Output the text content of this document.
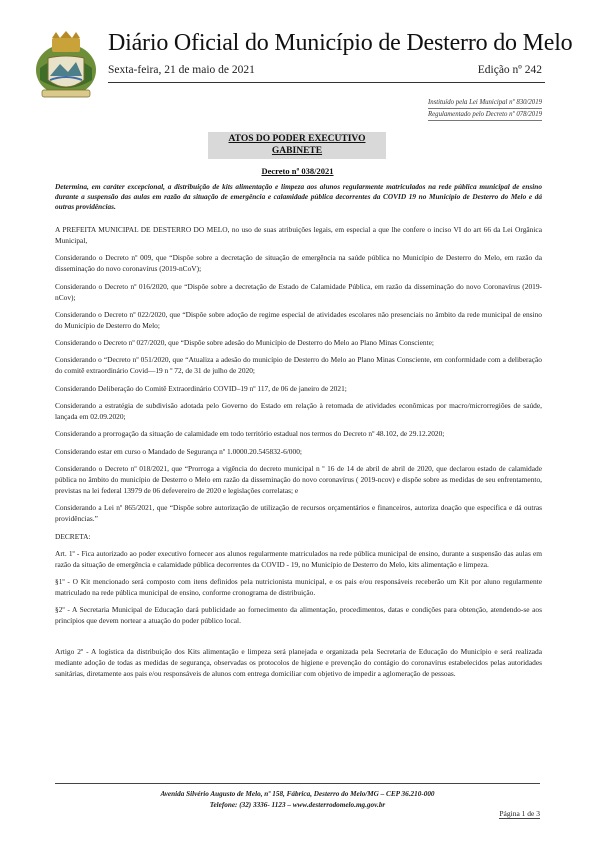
Diário Oficial do Município de Desterro do Melo
Sexta-feira, 21 de maio de 2021	Edição nº 242
Instituído pela Lei Municipal nº 830/2019
Regulamentado pelo Decreto nº 078/2019
ATOS DO PODER EXECUTIVO
GABINETE
Decreto nº 038/2021
Determina, em caráter excepcional, a distribuição de kits alimentação e limpeza aos alunos regularmente matriculados na rede pública municipal de ensino durante a suspensão das aulas em razão da situação de emergência e calamidade pública decorrentes da COVID 19 no Município de Desterro do Melo e dá outras providências.

A PREFEITA MUNICIPAL DE DESTERRO DO MELO, no uso de suas atribuições legais, em especial a que lhe confere o inciso VI do art 66 da Lei Orgânica Municipal,

Considerando o Decreto nº 009, que “Dispõe sobre a decretação de situação de emergência na saúde pública no Município de Desterro do Melo, em razão da disseminação do novo coronavírus (2019-nCoV);

Considerando o Decreto nº 016/2020, que “Dispõe sobre a decretação de Estado de Calamidade Pública, em razão da disseminação do novo Coronavírus (2019- nCov);

Considerando o Decreto nº 022/2020, que “Dispõe sobre adoção de regime especial de atividades escolares não presenciais no âmbito da rede municipal de ensino do Município de Desterro do Melo;

Considerando o Decreto nº 027/2020, que “Dispõe sobre adesão do Município de Desterro do Melo ao Plano Minas Consciente;

Considerando o “Decreto nº 051/2020, que “Atualiza a adesão do município de Desterro do Melo ao Plano Minas Consciente, em conformidade com a deliberação do comitê extraordinário Covid—19 n º 72, de 31 de julho de 2020;

Considerando Deliberação do Comitê Extraordinário COVID–19 nº 117, de 06 de janeiro de 2021;

Considerando a estratégia de subdivisão adotada pelo Governo do Estado em relação à retomada de atividades econômicas por macro/microrregiões de saúde, lançada em 02.09.2020;

Considerando a prorrogação da situação de calamidade em todo território estadual nos termos do Decreto nº 48.102, de 29.12.2020;

Considerando estar em curso o Mandado de Segurança nº 1.0000.20.545832-6/000;

Considerando o Decreto nº 018/2021, que “Prorroga a vigência do decreto municipal n º 16 de 14 de abril de abril de 2020, que declarou estado de calamidade pública no âmbito do município de Desterro o Melo em razão da disseminação do novo coronavírus ( 2019-ncov) e dispõe sobre as medidas de seu enfrentamento, previstas na lei federal 13979 de 06 defevereiro de 2020 e legislações correlatas; e

Considerando a Lei nº 865/2021, que “Dispõe sobre autorização de utilização de recursos orçamentários e financeiros, autoriza doação que especifica e dá outras providências.”

DECRETA:

Art. 1º - Fica autorizado ao poder executivo fornecer aos alunos regularmente matriculados na rede pública municipal de ensino, durante a suspensão das aulas em razão da situação de emergência e calamidade pública decorrentes da COVID - 19, no Município de Desterro do Melo, kits alimentação e limpeza.

§1º - O Kit mencionado será composto com itens definidos pela nutricionista municipal, e os pais e/ou responsáveis receberão um Kit por aluno regularmente matriculado na rede pública municipal de ensino, conforme cronograma de distribuição.

§2º - A Secretaria Municipal de Educação dará publicidade ao fornecimento da alimentação, procedimentos, datas e condições para obtenção, atendendo-se aos princípios que devem nortear a atuação do poder público local.

Artigo 2º - A logística da distribuição dos Kits alimentação e limpeza será planejada e organizada pela Secretaria de Educação do Município e será realizada mediante adoção de todas as medidas de segurança, observadas os protocolos de higiene e prevenção do contágio do coronavírus estabelecidos pelas autoridades sanitárias, diretamente aos pais e/ou responsáveis de alunos com entrega domiciliar com objetivo de impedir a aglomeração de pessoas.

Avenida Silvério Augusto de Melo, nº 158, Fábrica, Desterro do Melo/MG – CEP 36.210-000
Telefone: (32) 3336- 1123 – www.desterrodomelo.mg.gov.br
Página 1 de 3
